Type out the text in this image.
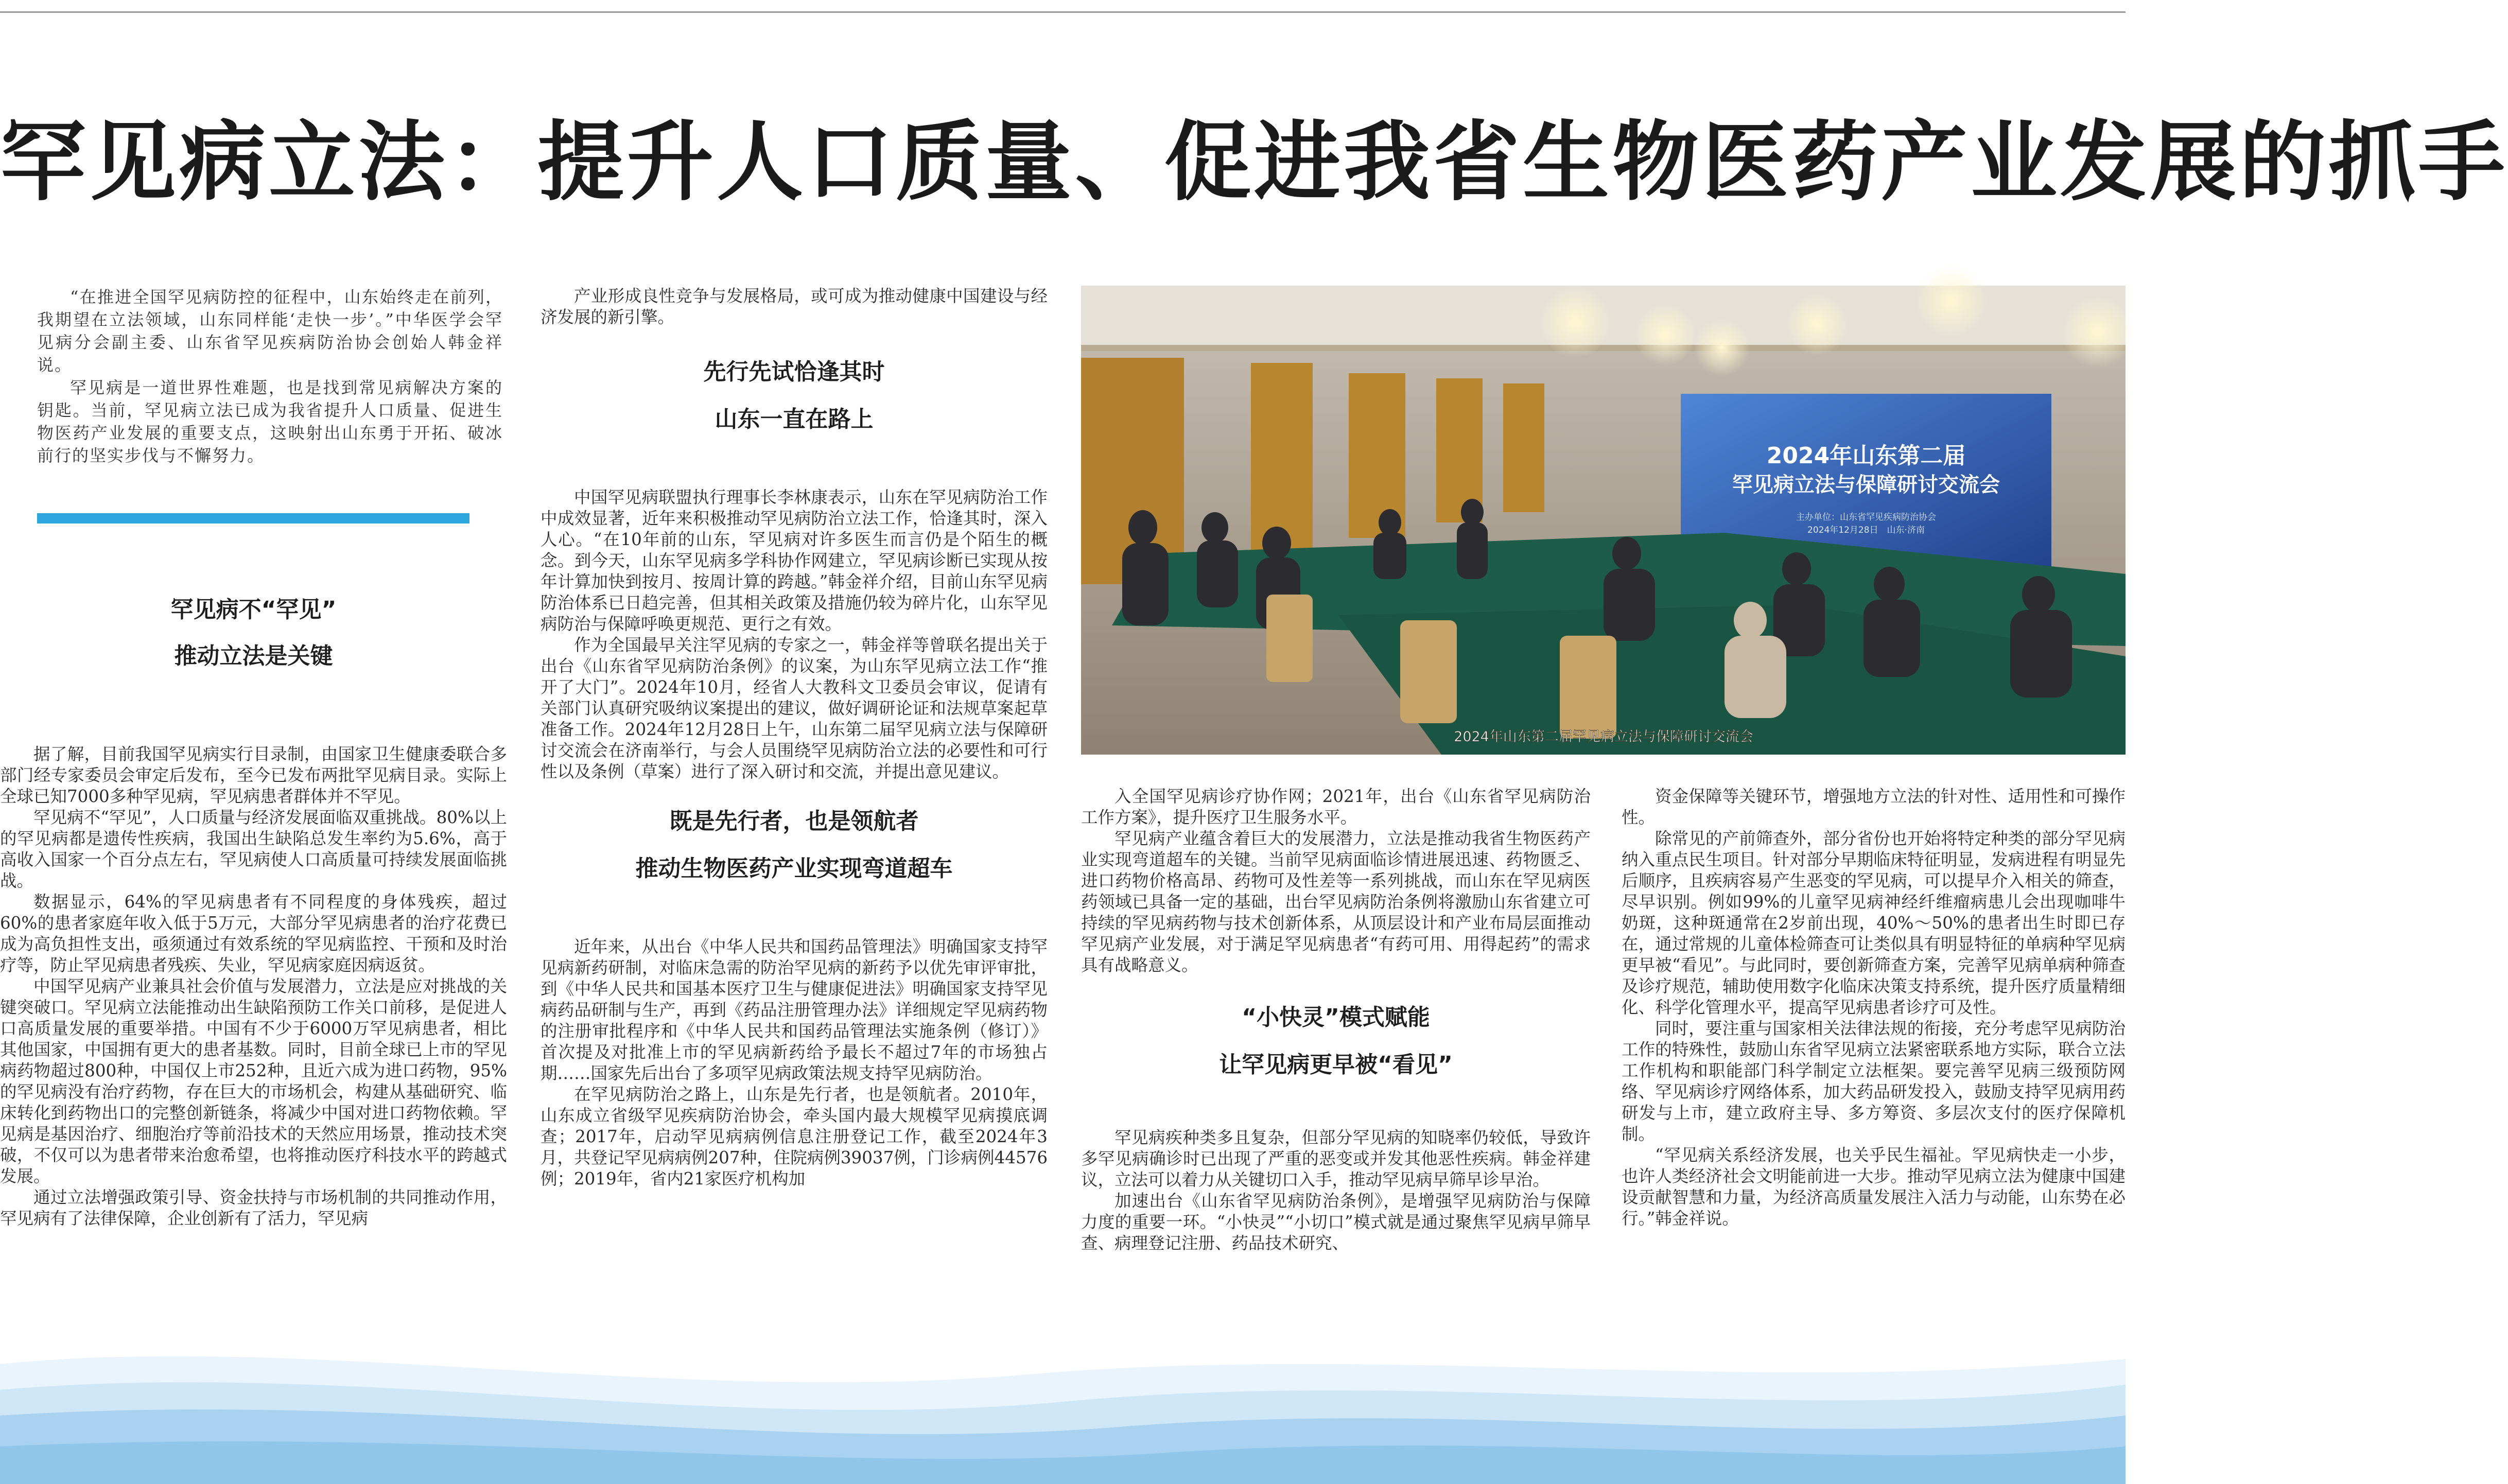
罕见病立法：提升人口质量、促进我省生物医药产业发展的抓手

“在推进全国罕见病防控的征程中，山东始终走在前列，我期望在立法领域，山东同样能‘走快一步’。”中华医学会罕见病分会副主委、山东省罕见疾病防治协会创始人韩金祥说。

罕见病是一道世界性难题，也是找到常见病解决方案的钥匙。当前，罕见病立法已成为我省提升人口质量、促进生物医药产业发展的重要支点，这映射出山东勇于开拓、破冰前行的坚实步伐与不懈努力。

罕见病不“罕见”

推动立法是关键

据了解，目前我国罕见病实行目录制，由国家卫生健康委联合多部门经专家委员会审定后发布，至今已发布两批罕见病目录。实际上全球已知7000多种罕见病，罕见病患者群体并不罕见。

罕见病不“罕见”，人口质量与经济发展面临双重挑战。80%以上的罕见病都是遗传性疾病，我国出生缺陷总发生率约为5.6%，高于高收入国家一个百分点左右，罕见病使人口高质量可持续发展面临挑战。

数据显示，64%的罕见病患者有不同程度的身体残疾，超过60%的患者家庭年收入低于5万元，大部分罕见病患者的治疗花费已成为高负担性支出，亟须通过有效系统的罕见病监控、干预和及时治疗等，防止罕见病患者残疾、失业，罕见病家庭因病返贫。

中国罕见病产业兼具社会价值与发展潜力，立法是应对挑战的关键突破口。罕见病立法能推动出生缺陷预防工作关口前移，是促进人口高质量发展的重要举措。中国有不少于6000万罕见病患者，相比其他国家，中国拥有更大的患者基数。同时，目前全球已上市的罕见病药物超过800种，中国仅上市252种，且近六成为进口药物，95%的罕见病没有治疗药物，存在巨大的市场机会，构建从基础研究、临床转化到药物出口的完整创新链条，将减少中国对进口药物依赖。罕见病是基因治疗、细胞治疗等前沿技术的天然应用场景，推动技术突破，不仅可以为患者带来治愈希望，也将推动医疗科技水平的跨越式发展。

通过立法增强政策引导、资金扶持与市场机制的共同推动作用，罕见病有了法律保障，企业创新有了活力，罕见病

产业形成良性竞争与发展格局，或可成为推动健康中国建设与经济发展的新引擎。

先行先试恰逢其时

山东一直在路上

中国罕见病联盟执行理事长李林康表示，山东在罕见病防治工作中成效显著，近年来积极推动罕见病防治立法工作，恰逢其时，深入人心。“在10年前的山东，罕见病对许多医生而言仍是个陌生的概念。到今天，山东罕见病多学科协作网建立，罕见病诊断已实现从按年计算加快到按月、按周计算的跨越。”韩金祥介绍，目前山东罕见病防治体系已日趋完善，但其相关政策及措施仍较为碎片化，山东罕见病防治与保障呼唤更规范、更行之有效。

作为全国最早关注罕见病的专家之一，韩金祥等曾联名提出关于出台《山东省罕见病防治条例》的议案，为山东罕见病立法工作“推开了大门”。2024年10月，经省人大教科文卫委员会审议，促请有关部门认真研究吸纳议案提出的建议，做好调研论证和法规草案起草准备工作。2024年12月28日上午，山东第二届罕见病立法与保障研讨交流会在济南举行，与会人员围绕罕见病防治立法的必要性和可行性以及条例（草案）进行了深入研讨和交流，并提出意见建议。

既是先行者，也是领航者

推动生物医药产业实现弯道超车

近年来，从出台《中华人民共和国药品管理法》明确国家支持罕见病新药研制，对临床急需的防治罕见病的新药予以优先审评审批，到《中华人民共和国基本医疗卫生与健康促进法》明确国家支持罕见病药品研制与生产，再到《药品注册管理办法》详细规定罕见病药物的注册审批程序和《中华人民共和国药品管理法实施条例（修订）》首次提及对批准上市的罕见病新药给予最长不超过7年的市场独占期……国家先后出台了多项罕见病政策法规支持罕见病防治。

在罕见病防治之路上，山东是先行者，也是领航者。2010年，山东成立省级罕见疾病防治协会，牵头国内最大规模罕见病摸底调查；2017年，启动罕见病病例信息注册登记工作，截至2024年3月，共登记罕见病病例207种，住院病例39037例，门诊病例44576例；2019年，省内21家医疗机构加

2024年山东第二届
罕见病立法与保障研讨交流会
主办单位：山东省罕见疾病防治协会
2024年12月28日　山东·济南
2024年山东第二届罕见病立法与保障研讨交流会

入全国罕见病诊疗协作网；2021年，出台《山东省罕见病防治工作方案》，提升医疗卫生服务水平。

罕见病产业蕴含着巨大的发展潜力，立法是推动我省生物医药产业实现弯道超车的关键。当前罕见病面临诊情进展迅速、药物匮乏、进口药物价格高昂、药物可及性差等一系列挑战，而山东在罕见病医药领域已具备一定的基础，出台罕见病防治条例将激励山东省建立可持续的罕见病药物与技术创新体系，从顶层设计和产业布局层面推动罕见病产业发展，对于满足罕见病患者“有药可用、用得起药”的需求具有战略意义。

“小快灵”模式赋能

让罕见病更早被“看见”

罕见病疾种类多且复杂，但部分罕见病的知晓率仍较低，导致许多罕见病确诊时已出现了严重的恶变或并发其他恶性疾病。韩金祥建议，立法可以着力从关键切口入手，推动罕见病早筛早诊早治。

加速出台《山东省罕见病防治条例》，是增强罕见病防治与保障力度的重要一环。“小快灵”“小切口”模式就是通过聚焦罕见病早筛早查、病理登记注册、药品技术研究、

资金保障等关键环节，增强地方立法的针对性、适用性和可操作性。

除常见的产前筛查外，部分省份也开始将特定种类的部分罕见病纳入重点民生项目。针对部分早期临床特征明显，发病进程有明显先后顺序，且疾病容易产生恶变的罕见病，可以提早介入相关的筛查，尽早识别。例如99%的儿童罕见病神经纤维瘤病患儿会出现咖啡牛奶斑，这种斑通常在2岁前出现，40%～50%的患者出生时即已存在，通过常规的儿童体检筛查可让类似具有明显特征的单病种罕见病更早被“看见”。与此同时，要创新筛查方案，完善罕见病单病种筛查及诊疗规范，辅助使用数字化临床决策支持系统，提升医疗质量精细化、科学化管理水平，提高罕见病患者诊疗可及性。

同时，要注重与国家相关法律法规的衔接，充分考虑罕见病防治工作的特殊性，鼓励山东省罕见病立法紧密联系地方实际，联合立法工作机构和职能部门科学制定立法框架。要完善罕见病三级预防网络、罕见病诊疗网络体系，加大药品研发投入，鼓励支持罕见病用药研发与上市，建立政府主导、多方筹资、多层次支付的医疗保障机制。

“罕见病关系经济发展，也关乎民生福祉。罕见病快走一小步，也许人类经济社会文明能前进一大步。推动罕见病立法为健康中国建设贡献智慧和力量，为经济高质量发展注入活力与动能，山东势在必行。”韩金祥说。
